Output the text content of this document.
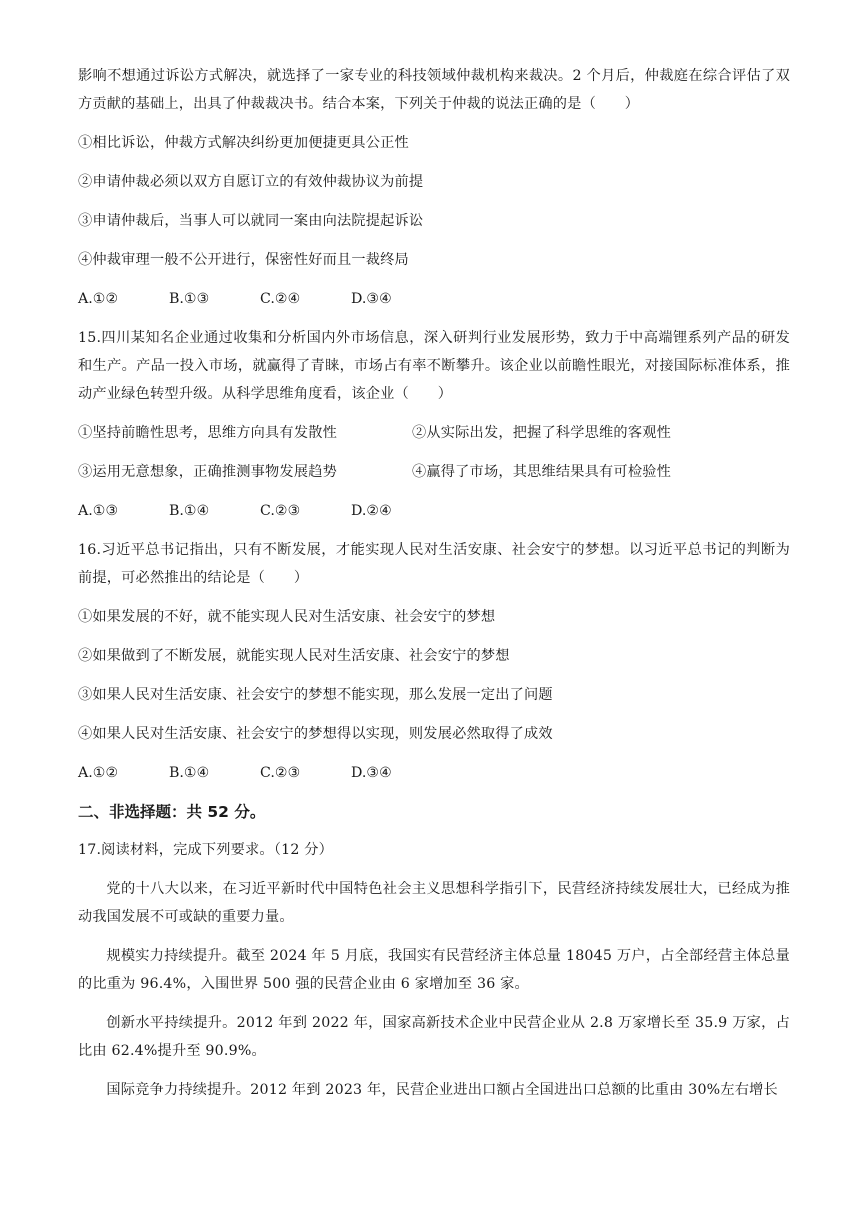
影响不想通过诉讼方式解决，就选择了一家专业的科技领域仲裁机构来裁决。2 个月后，仲裁庭在综合评估了双方贡献的基础上，出具了仲裁裁决书。结合本案，下列关于仲裁的说法正确的是（　　）

①相比诉讼，仲裁方式解决纠纷更加便捷更具公正性

②申请仲裁必须以双方自愿订立的有效仲裁协议为前提

③申请仲裁后，当事人可以就同一案由向法院提起诉讼

④仲裁审理一般不公开进行，保密性好而且一裁终局

A.①②	B.①③	C.②④	D.③④

15.四川某知名企业通过收集和分析国内外市场信息，深入研判行业发展形势，致力于中高端锂系列产品的研发和生产。产品一投入市场，就赢得了青睐，市场占有率不断攀升。该企业以前瞻性眼光，对接国际标准体系，推动产业绿色转型升级。从科学思维角度看，该企业（　　）

①坚持前瞻性思考，思维方向具有发散性	②从实际出发，把握了科学思维的客观性
③运用无意想象，正确推测事物发展趋势	④赢得了市场，其思维结果具有可检验性
A.①③	B.①④	C.②③	D.②④

16.习近平总书记指出，只有不断发展，才能实现人民对生活安康、社会安宁的梦想。以习近平总书记的判断为前提，可必然推出的结论是（　　）

①如果发展的不好，就不能实现人民对生活安康、社会安宁的梦想

②如果做到了不断发展，就能实现人民对生活安康、社会安宁的梦想

③如果人民对生活安康、社会安宁的梦想不能实现，那么发展一定出了问题

④如果人民对生活安康、社会安宁的梦想得以实现，则发展必然取得了成效

A.①②	B.①④	C.②③	D.③④
二、非选择题：共 52 分。

17.阅读材料，完成下列要求。（12 分）

党的十八大以来，在习近平新时代中国特色社会主义思想科学指引下，民营经济持续发展壮大，已经成为推动我国发展不可或缺的重要力量。

规模实力持续提升。截至 2024 年 5 月底，我国实有民营经济主体总量 18045 万户，占全部经营主体总量的比重为 96.4%，入围世界 500 强的民营企业由 6 家增加至 36 家。

创新水平持续提升。2012 年到 2022 年，国家高新技术企业中民营企业从 2.8 万家增长至 35.9 万家，占比由 62.4%提升至 90.9%。

国际竞争力持续提升。2012 年到 2023 年，民营企业进出口额占全国进出口总额的比重由 30%左右增长
